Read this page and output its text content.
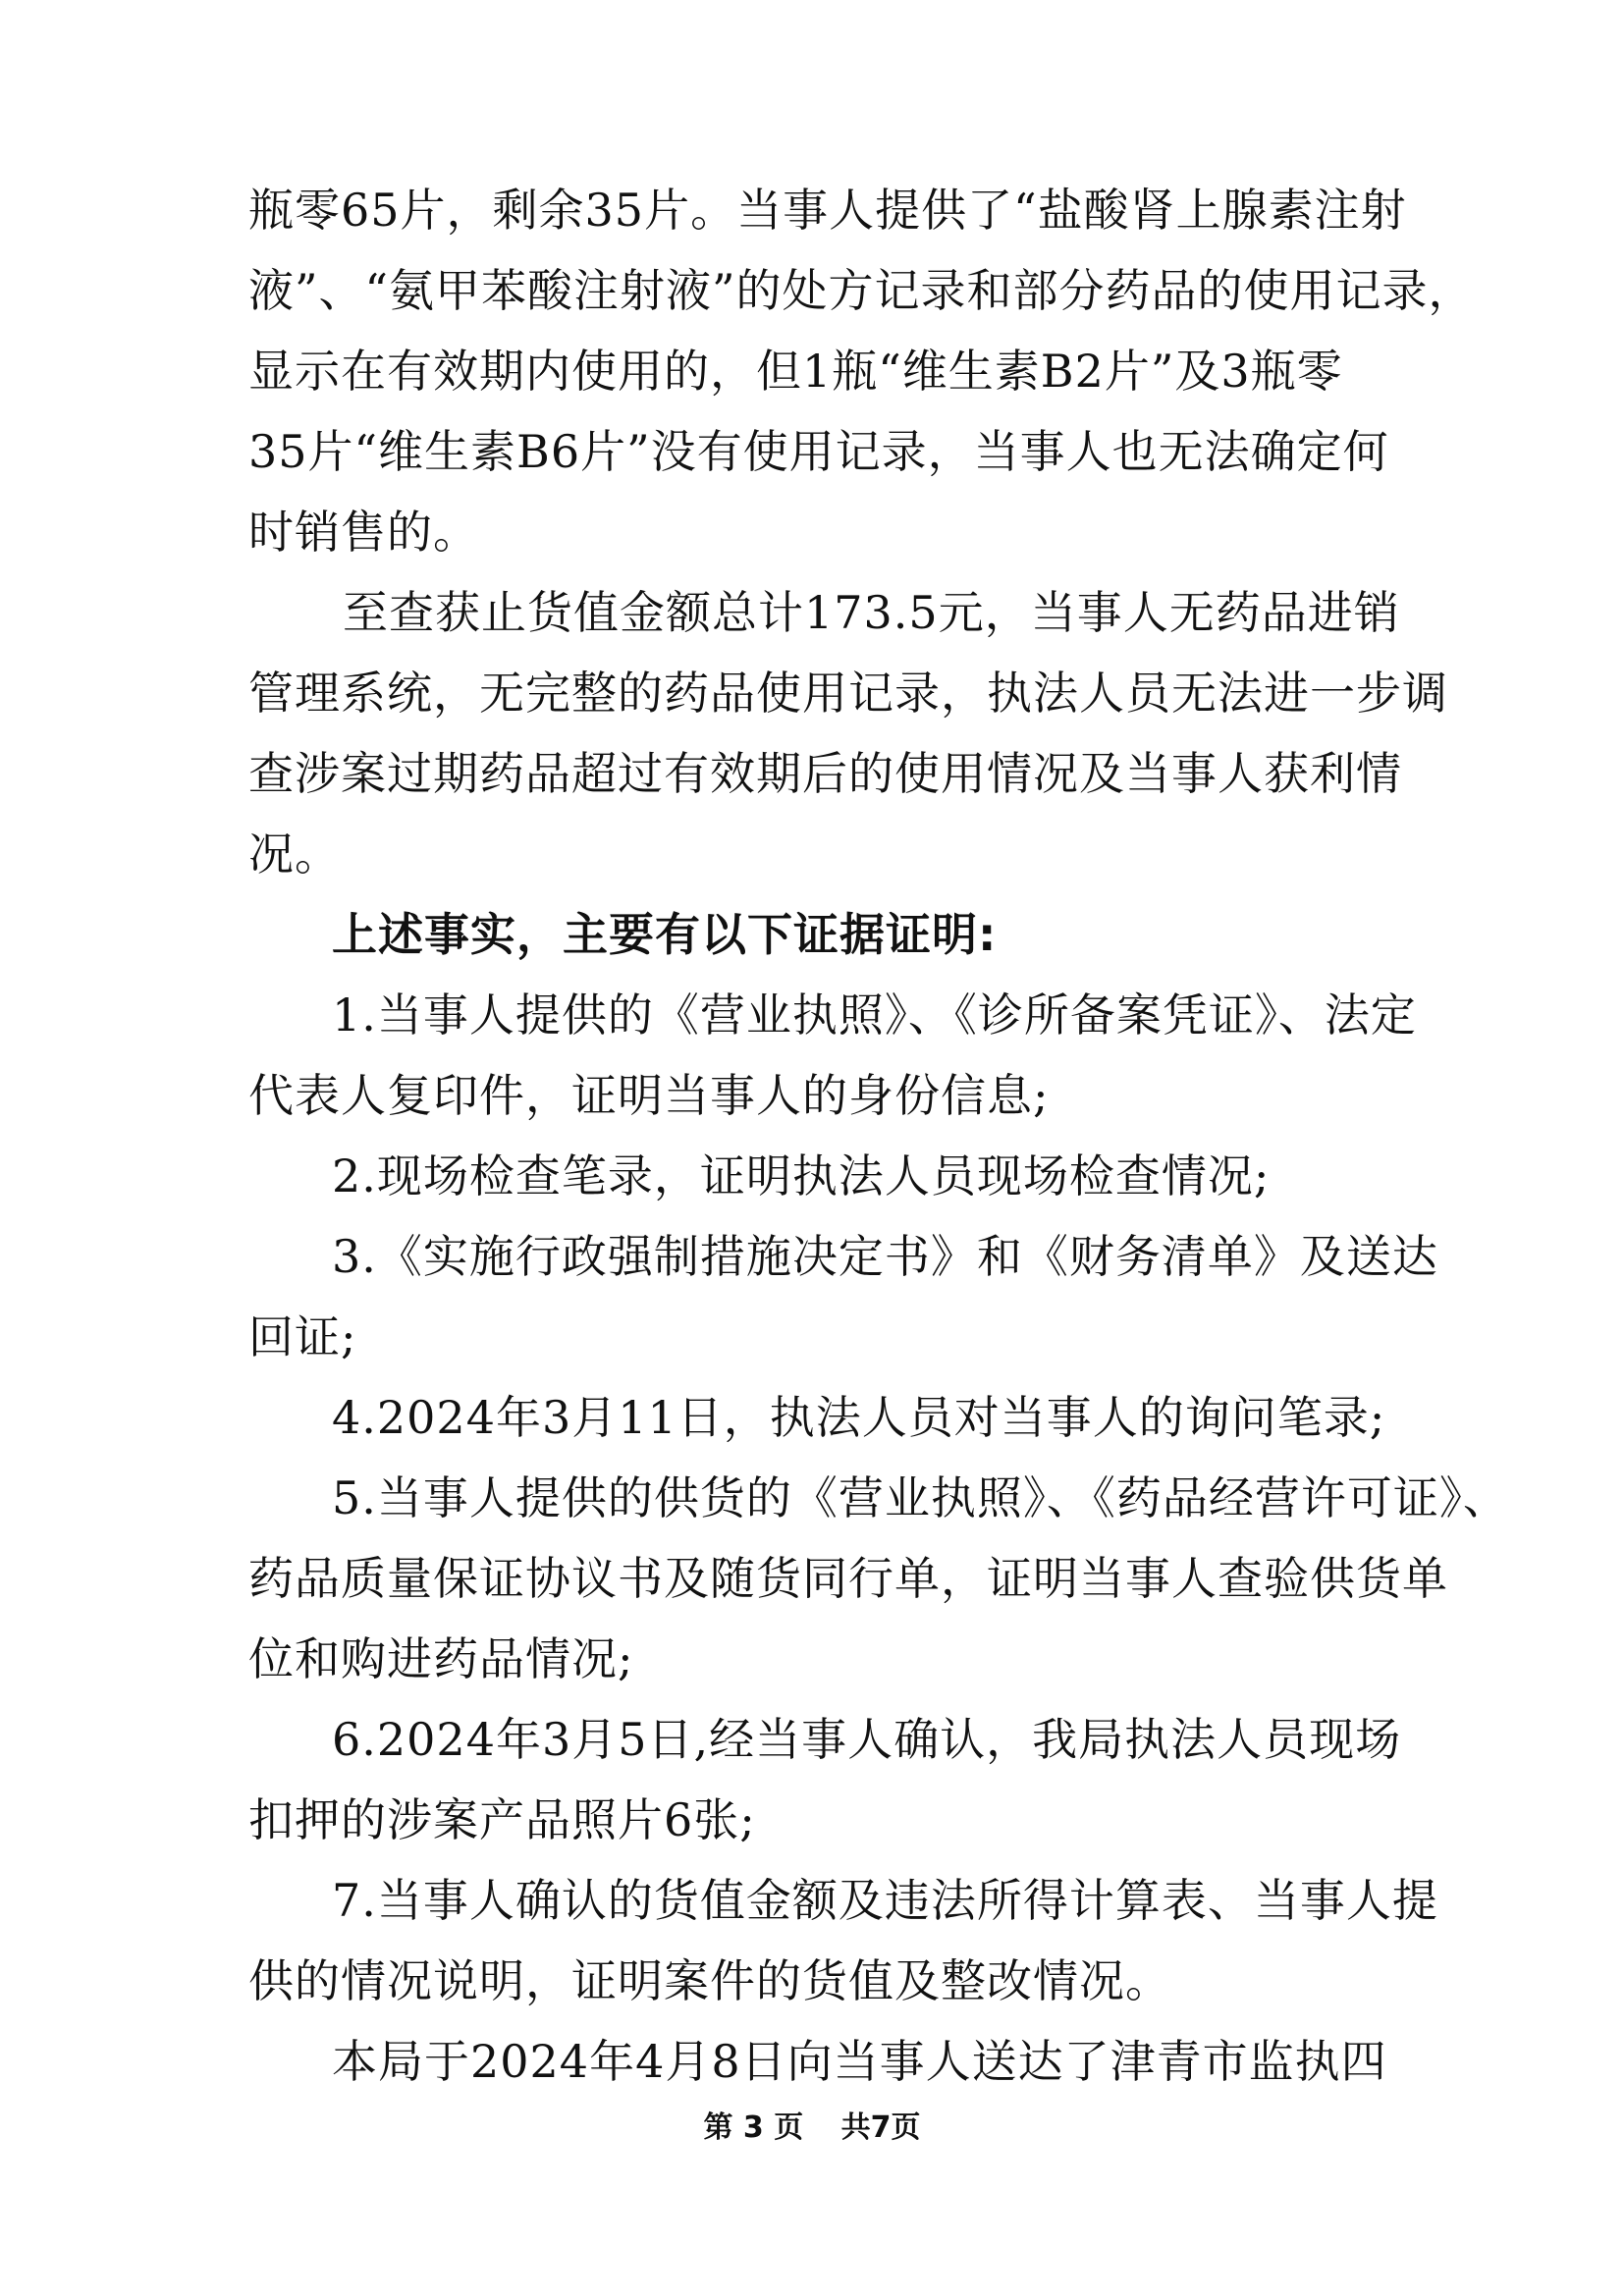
瓶零65片，剩余35片。当事人提供了“盐酸肾上腺素注射

液”、“氨甲苯酸注射液”的处方记录和部分药品的使用记录，

显示在有效期内使用的，但1瓶“维生素B2片”及3瓶零

35片“维生素B6片”没有使用记录，当事人也无法确定何

时销售的。

至查获止货值金额总计173.5元，当事人无药品进销

管理系统，无完整的药品使用记录，执法人员无法进一步调

查涉案过期药品超过有效期后的使用情况及当事人获利情

况。

上述事实，主要有以下证据证明:

1.当事人提供的《营业执照》、《诊所备案凭证》、法定

代表人复印件，证明当事人的身份信息;

2.现场检查笔录，证明执法人员现场检查情况;

3.《实施行政强制措施决定书》和《财务清单》及送达

回证;

4.2024年3月11日，执法人员对当事人的询问笔录;

5.当事人提供的供货的《营业执照》、《药品经营许可证》、

药品质量保证协议书及随货同行单，证明当事人查验供货单

位和购进药品情况;

6.2024年3月5日,经当事人确认，我局执法人员现场

扣押的涉案产品照片6张;

7.当事人确认的货值金额及违法所得计算表、当事人提

供的情况说明，证明案件的货值及整改情况。

本局于2024年4月8日向当事人送达了津青市监执四

第 3 页 共7页
